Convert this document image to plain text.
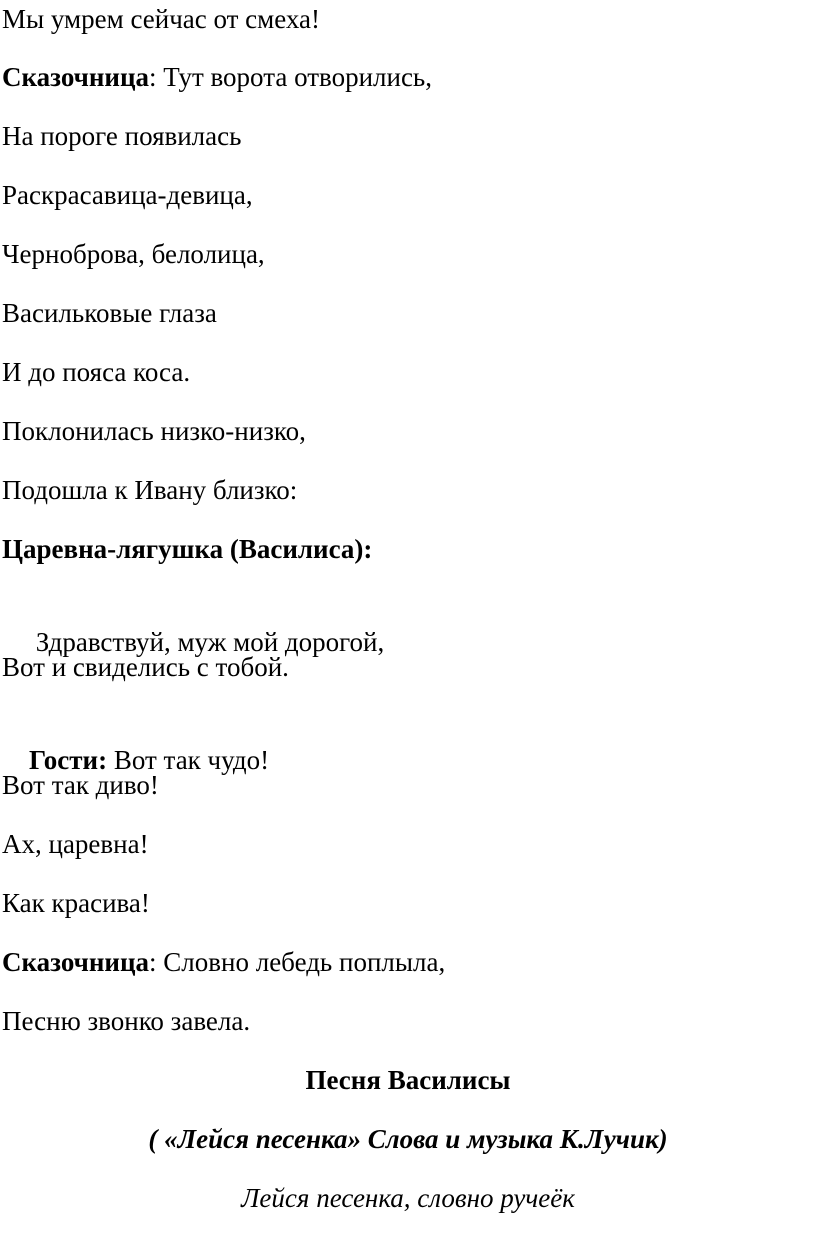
Мы умрем сейчас от смеха!
Сказочница: Тут ворота отворились,
На пороге появилась
Раскрасавица-девица,
Черноброва, белолица,
Васильковые глаза
И до пояса коса.
Поклонилась низко-низко,
Подошла к Ивану близко:
Царевна-лягушка (Василиса):

Здравствуй, муж мой дорогой,

Вот и свиделись с тобой.

Гости: Вот так чудо!

Вот так диво!
Ах, царевна!
Как красива!
Сказочница: Словно лебедь поплыла,
Песню звонко завела.
Песня Василисы
( «Лейся песенка» Слова и музыка К.Лучик)
Лейся песенка, словно ручеёк
